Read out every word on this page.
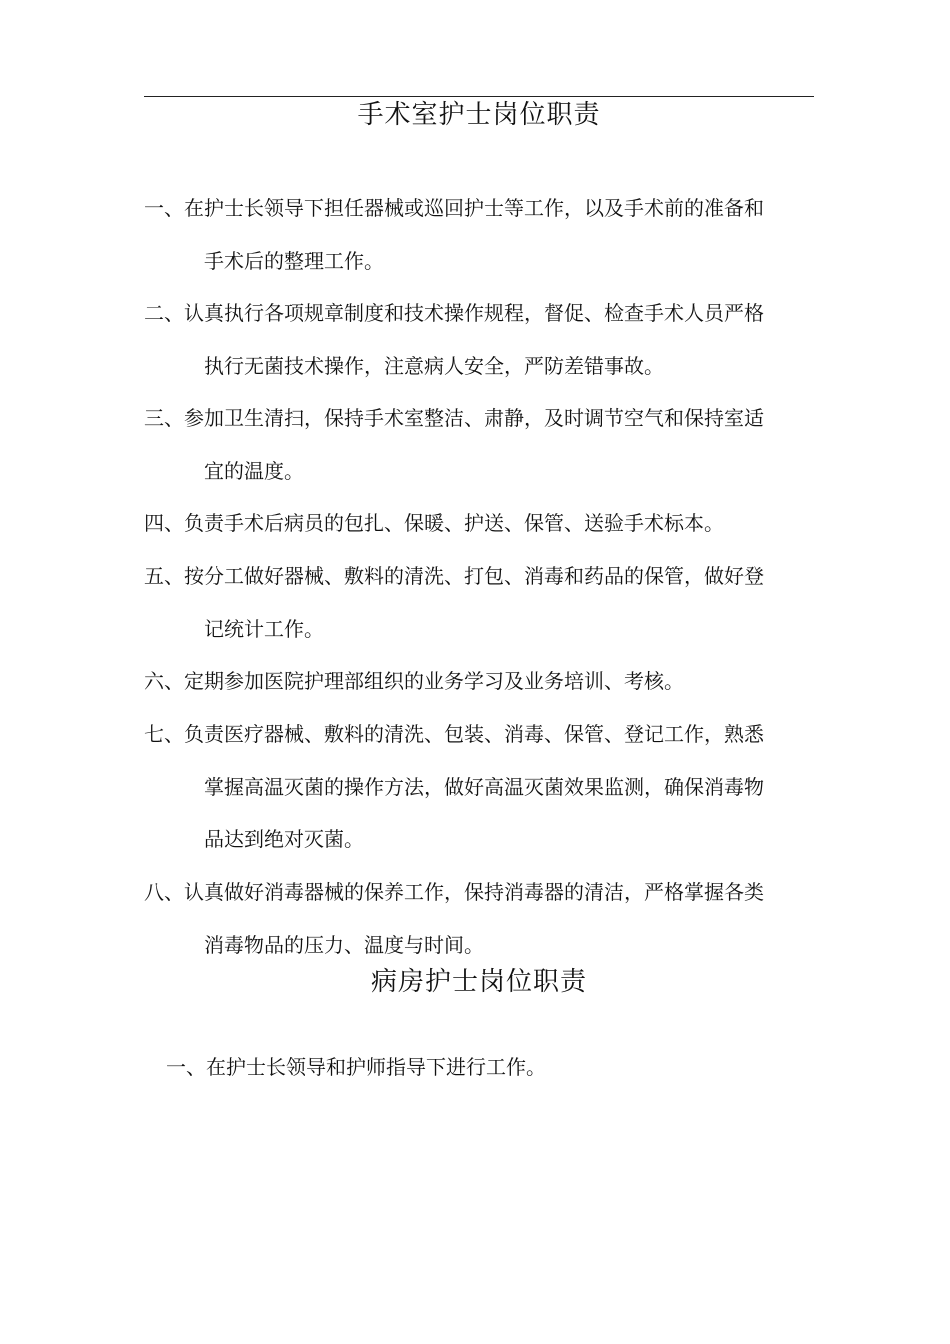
手术室护士岗位职责
一、在护士长领导下担任器械或巡回护士等工作，以及手术前的准备和
手术后的整理工作。
二、认真执行各项规章制度和技术操作规程，督促、检查手术人员严格
执行无菌技术操作，注意病人安全，严防差错事故。
三、参加卫生清扫，保持手术室整洁、肃静，及时调节空气和保持室适
宜的温度。
四、负责手术后病员的包扎、保暖、护送、保管、送验手术标本。
五、按分工做好器械、敷料的清洗、打包、消毒和药品的保管，做好登
记统计工作。
六、定期参加医院护理部组织的业务学习及业务培训、考核。
七、负责医疗器械、敷料的清洗、包装、消毒、保管、登记工作，熟悉
掌握高温灭菌的操作方法，做好高温灭菌效果监测，确保消毒物
品达到绝对灭菌。
八、认真做好消毒器械的保养工作，保持消毒器的清洁，严格掌握各类
消毒物品的压力、温度与时间。
病房护士岗位职责
一、在护士长领导和护师指导下进行工作。
